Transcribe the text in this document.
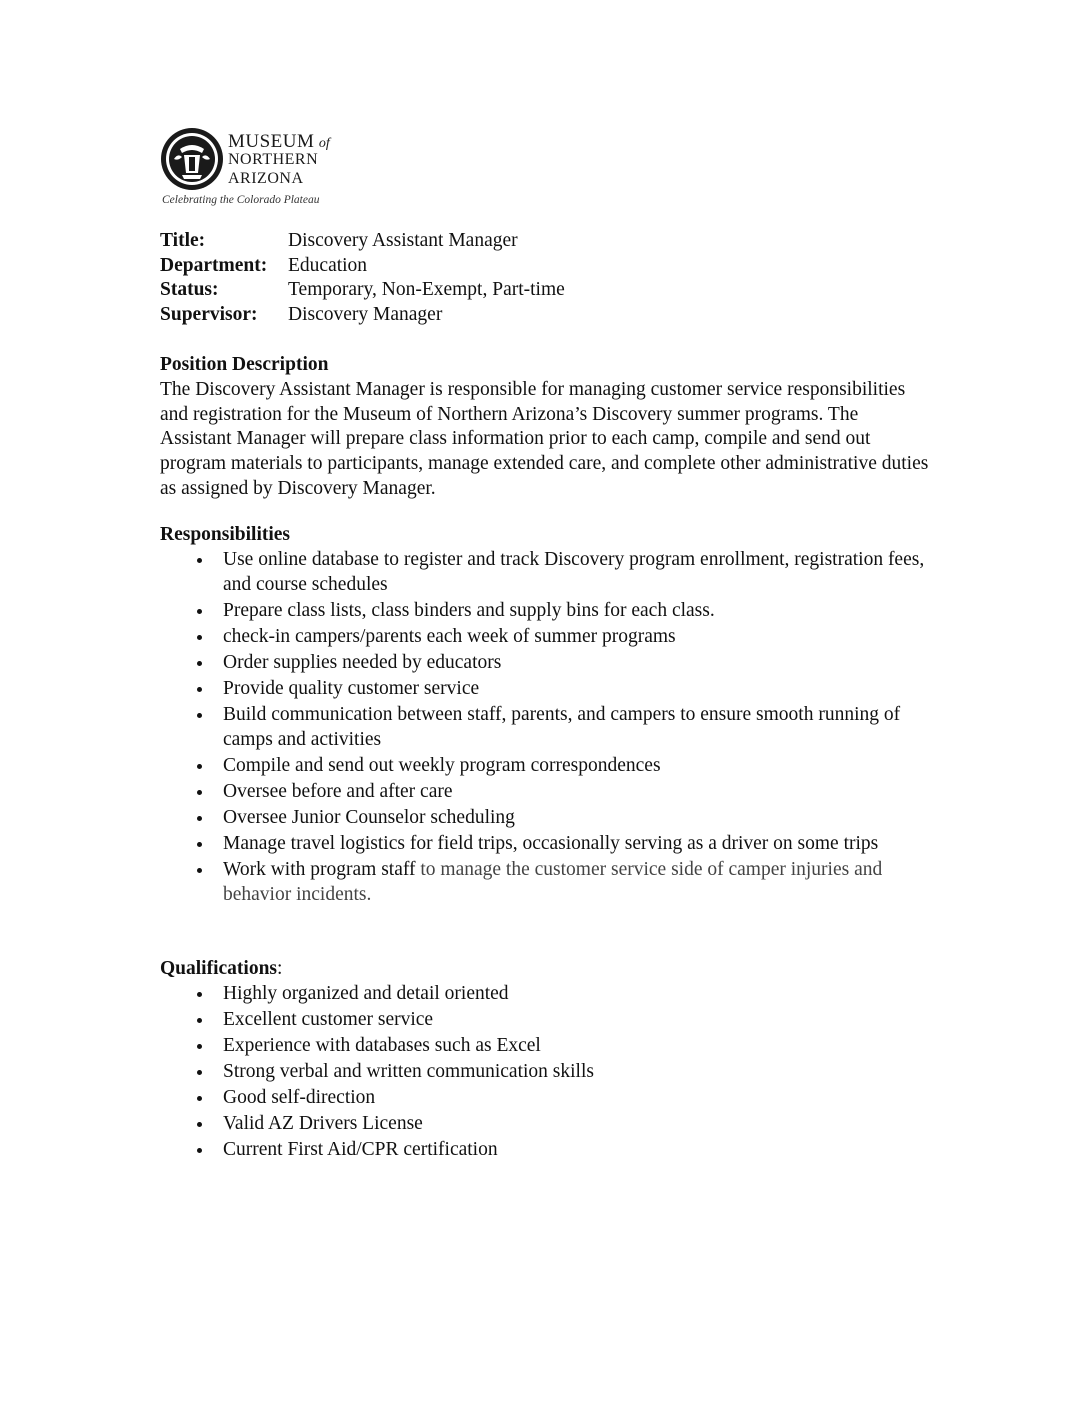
MUSEUM of
NORTHERN
ARIZONA
Celebrating the Colorado Plateau
Title:	Discovery Assistant Manager
Department:	Education
Status:	Temporary, Non-Exempt, Part-time
Supervisor:	Discovery Manager
Position Description

The Discovery Assistant Manager is responsible for managing customer service responsibilities and registration for the Museum of Northern Arizona’s Discovery summer programs. The Assistant Manager will prepare class information prior to each camp, compile and send out program materials to participants, manage extended care, and complete other administrative duties as assigned by Discovery Manager.

Responsibilities
Use online database to register and track Discovery program enrollment, registration fees, and course schedules
Prepare class lists, class binders and supply bins for each class.
check-in campers/parents each week of summer programs
Order supplies needed by educators
Provide quality customer service
Build communication between staff, parents, and campers to ensure smooth running of camps and activities
Compile and send out weekly program correspondences
Oversee before and after care
Oversee Junior Counselor scheduling
Manage travel logistics for field trips, occasionally serving as a driver on some trips
Work with program staff to manage the customer service side of camper injuries and behavior incidents.
Qualifications:
Highly organized and detail oriented
Excellent customer service
Experience with databases such as Excel
Strong verbal and written communication skills
Good self-direction
Valid AZ Drivers License
Current First Aid/CPR certification
